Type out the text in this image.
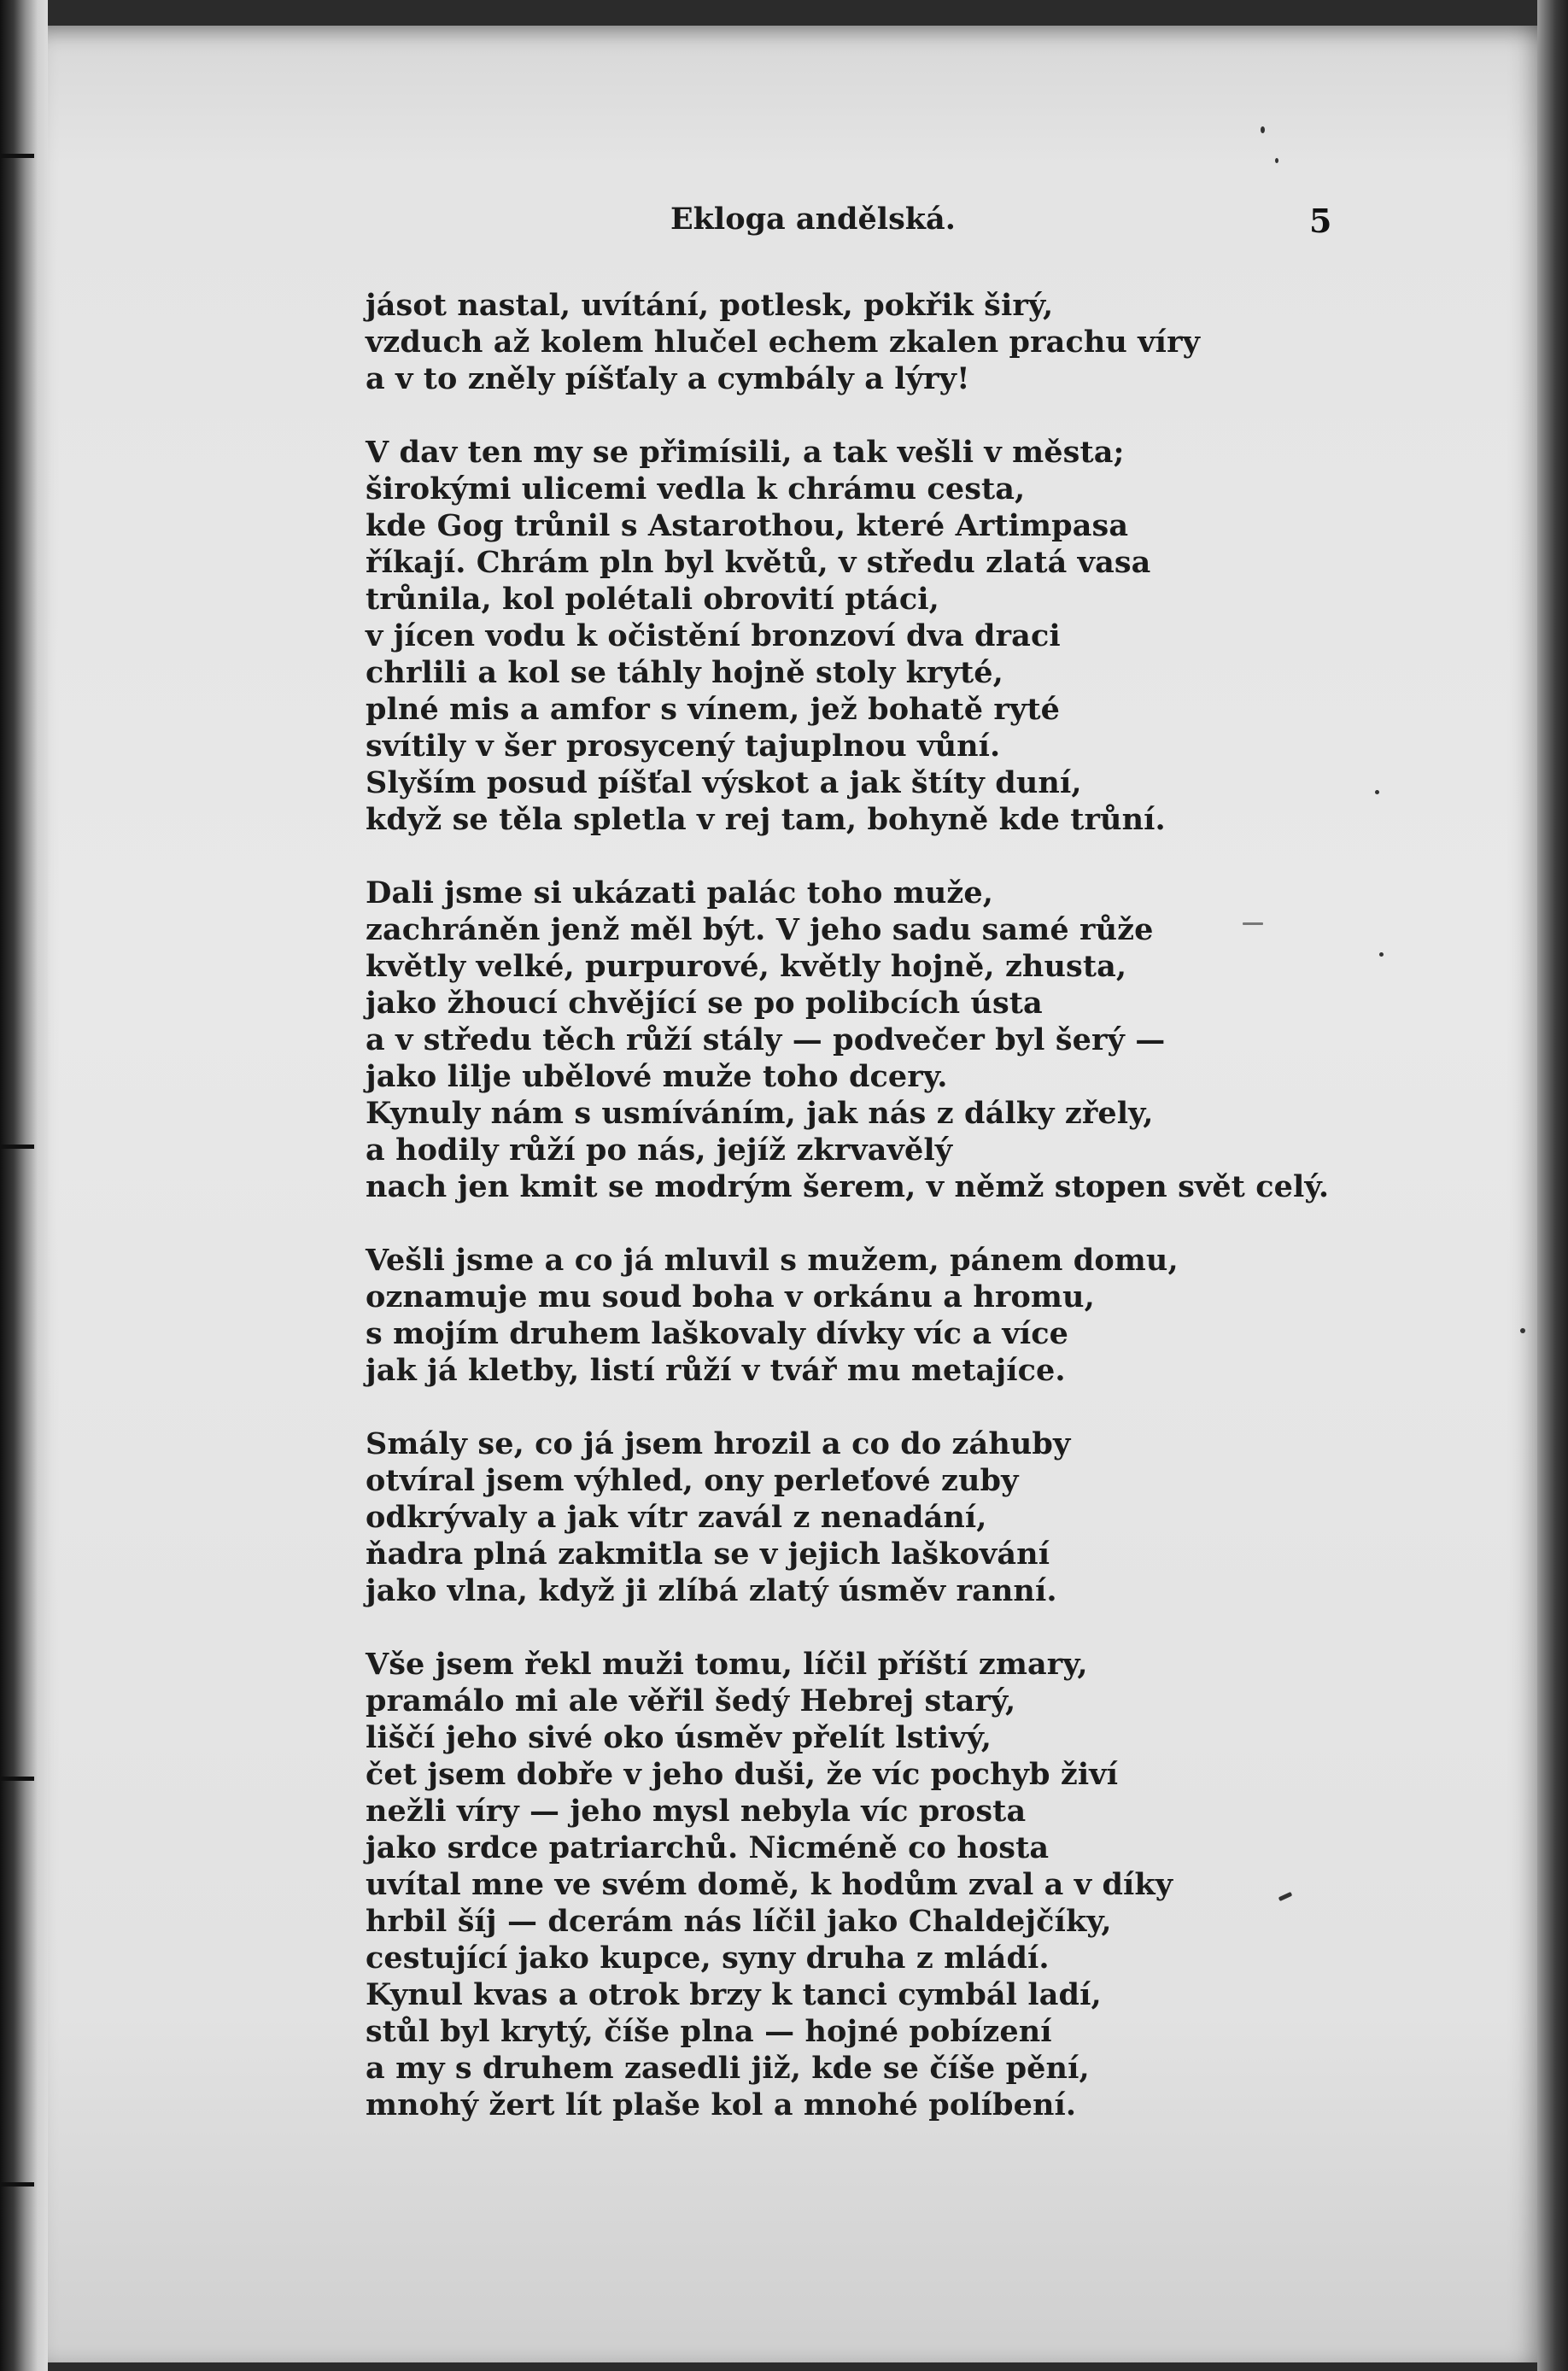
Ekloga andělská.	5
jásot nastal, uvítání, potlesk, pokřik širý,
vzduch až kolem hlučel echem zkalen prachu víry
a v to zněly píšťaly a cymbály a lýry!
V dav ten my se přimísili, a tak vešli v města;
širokými ulicemi vedla k chrámu cesta,
kde Gog trůnil s Astarothou, které Artimpasa
říkají. Chrám pln byl květů, v středu zlatá vasa
trůnila, kol polétali obrovití ptáci,
v jícen vodu k očistění bronzoví dva draci
chrlili a kol se táhly hojně stoly kryté,
plné mis a amfor s vínem, jež bohatě ryté
svítily v šer prosycený tajuplnou vůní.
Slyším posud píšťal výskot a jak štíty duní,
když se těla spletla v rej tam, bohyně kde trůní.
Dali jsme si ukázati palác toho muže,
zachráněn jenž měl být. V jeho sadu samé růže
květly velké, purpurové, květly hojně, zhusta,
jako žhoucí chvějící se po polibcích ústa
a v středu těch růží stály — podvečer byl šerý —
jako lilje ubělové muže toho dcery.
Kynuly nám s usmíváním, jak nás z dálky zřely,
a hodily růží po nás, jejíž zkrvavělý
nach jen kmit se modrým šerem, v němž stopen svět celý.
Vešli jsme a co já mluvil s mužem, pánem domu,
oznamuje mu soud boha v orkánu a hromu,
s mojím druhem laškovaly dívky víc a více
jak já kletby, listí růží v tvář mu metajíce.
Smály se, co já jsem hrozil a co do záhuby
otvíral jsem výhled, ony perleťové zuby
odkrývaly a jak vítr zavál z nenadání,
ňadra plná zakmitla se v jejich laškování
jako vlna, když ji zlíbá zlatý úsměv ranní.
Vše jsem řekl muži tomu, líčil příští zmary,
pramálo mi ale věřil šedý Hebrej starý,
liščí jeho sivé oko úsměv přelít lstivý,
čet jsem dobře v jeho duši, že víc pochyb živí
nežli víry — jeho mysl nebyla víc prosta
jako srdce patriarchů. Nicméně co hosta
uvítal mne ve svém domě, k hodům zval a v díky
hrbil šíj — dcerám nás líčil jako Chaldejčíky,
cestující jako kupce, syny druha z mládí.
Kynul kvas a otrok brzy k tanci cymbál ladí,
stůl byl krytý, číše plna — hojné pobízení
a my s druhem zasedli již, kde se číše pění,
mnohý žert lít plaše kol a mnohé políbení.
